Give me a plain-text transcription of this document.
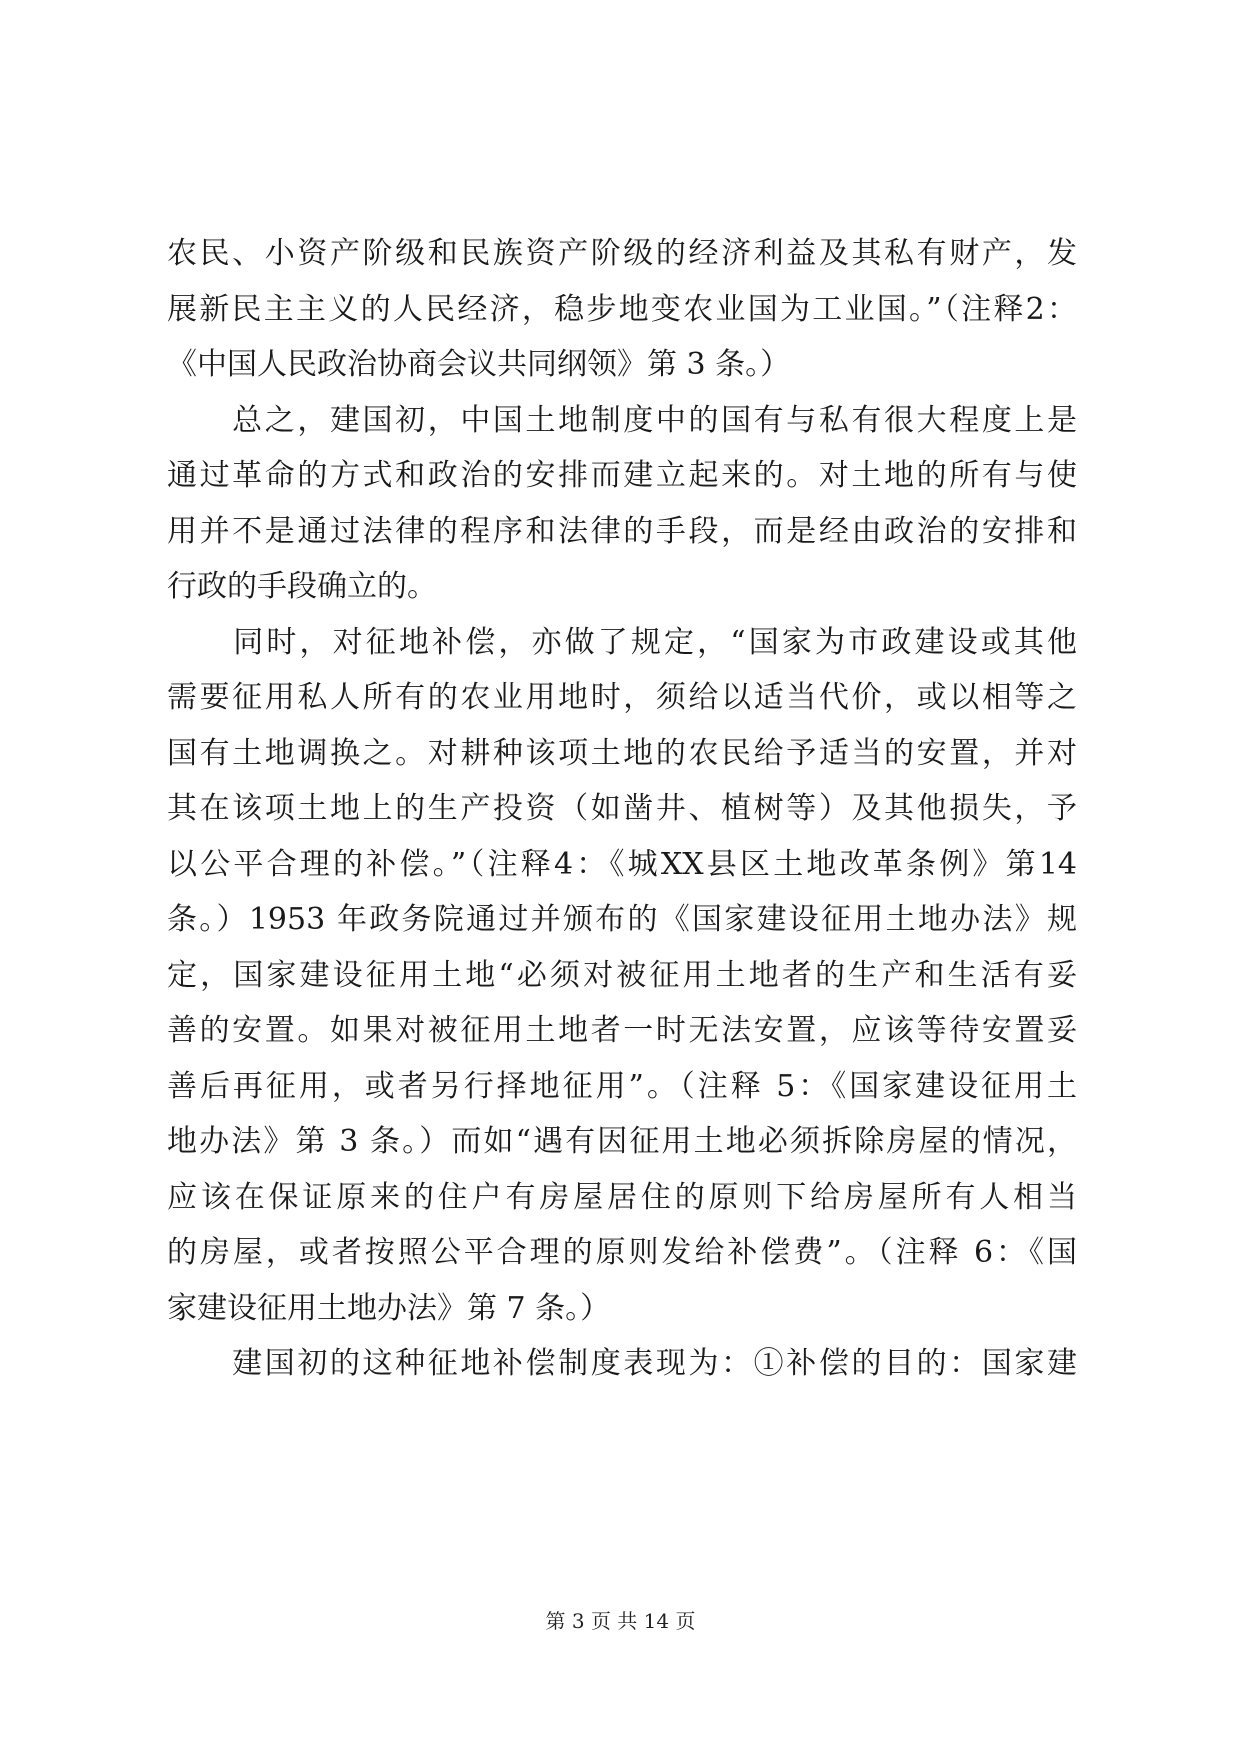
农民、小资产阶级和民族资产阶级的经济利益及其私有财产，发
展新民主主义的人民经济，稳步地变农业国为工业国。”（注释2：
《中国人民政治协商会议共同纲领》第 3 条。）
　　总之，建国初，中国土地制度中的国有与私有很大程度上是
通过革命的方式和政治的安排而建立起来的。对土地的所有与使
用并不是通过法律的程序和法律的手段，而是经由政治的安排和
行政的手段确立的。
　　同时，对征地补偿，亦做了规定，“国家为市政建设或其他
需要征用私人所有的农业用地时，须给以适当代价，或以相等之
国有土地调换之。对耕种该项土地的农民给予适当的安置，并对
其在该项土地上的生产投资（如凿井、植树等）及其他损失，予
以公平合理的补偿。”（注释4：《城XX县区土地改革条例》第14
条。）1953 年政务院通过并颁布的《国家建设征用土地办法》规
定，国家建设征用土地“必须对被征用土地者的生产和生活有妥
善的安置。如果对被征用土地者一时无法安置，应该等待安置妥
善后再征用，或者另行择地征用”。（注释 5：《国家建设征用土
地办法》第 3 条。）而如“遇有因征用土地必须拆除房屋的情况，
应该在保证原来的住户有房屋居住的原则下给房屋所有人相当
的房屋，或者按照公平合理的原则发给补偿费”。（注释 6：《国
家建设征用土地办法》第 7 条。）
　　建国初的这种征地补偿制度表现为：①补偿的目的：国家建
第 3 页 共 14 页
